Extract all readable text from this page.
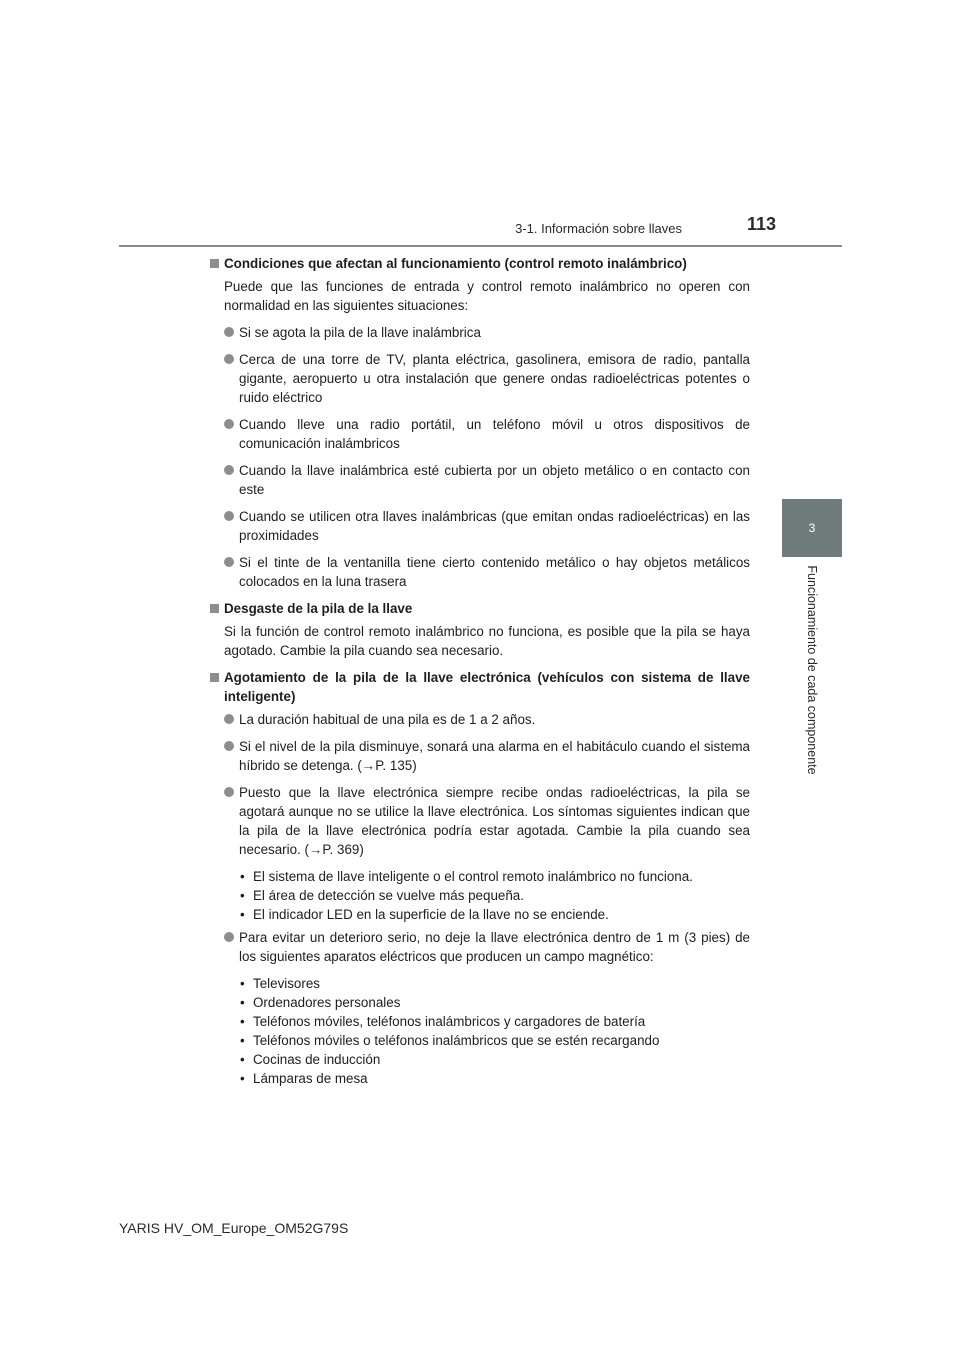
3-1. Información sobre llaves	113
3
Funcionamiento de cada componente
Condiciones que afectan al funcionamiento (control remoto inalámbrico)
Puede que las funciones de entrada y control remoto inalámbrico no operen con normalidad en las siguientes situaciones:
Si se agota la pila de la llave inalámbrica
Cerca de una torre de TV, planta eléctrica, gasolinera, emisora de radio, pantalla gigante, aeropuerto u otra instalación que genere ondas radioeléctricas potentes o ruido eléctrico
Cuando lleve una radio portátil, un teléfono móvil u otros dispositivos de comunicación inalámbricos
Cuando la llave inalámbrica esté cubierta por un objeto metálico o en contacto con este
Cuando se utilicen otra llaves inalámbricas (que emitan ondas radioeléctricas) en las proximidades
Si el tinte de la ventanilla tiene cierto contenido metálico o hay objetos metálicos colocados en la luna trasera
Desgaste de la pila de la llave
Si la función de control remoto inalámbrico no funciona, es posible que la pila se haya agotado. Cambie la pila cuando sea necesario.
Agotamiento de la pila de la llave electrónica (vehículos con sistema de llave inteligente)
La duración habitual de una pila es de 1 a 2 años.
Si el nivel de la pila disminuye, sonará una alarma en el habitáculo cuando el sistema híbrido se detenga. (→P. 135)
Puesto que la llave electrónica siempre recibe ondas radioeléctricas, la pila se agotará aunque no se utilice la llave electrónica. Los síntomas siguientes indican que la pila de la llave electrónica podría estar agotada. Cambie la pila cuando sea necesario. (→P. 369)
• El sistema de llave inteligente o el control remoto inalámbrico no funciona.
• El área de detección se vuelve más pequeña.
• El indicador LED en la superficie de la llave no se enciende.
Para evitar un deterioro serio, no deje la llave electrónica dentro de 1 m (3 pies) de los siguientes aparatos eléctricos que producen un campo magnético:
• Televisores
• Ordenadores personales
• Teléfonos móviles, teléfonos inalámbricos y cargadores de batería
• Teléfonos móviles o teléfonos inalámbricos que se estén recargando
• Cocinas de inducción
• Lámparas de mesa
YARIS HV_OM_Europe_OM52G79S
